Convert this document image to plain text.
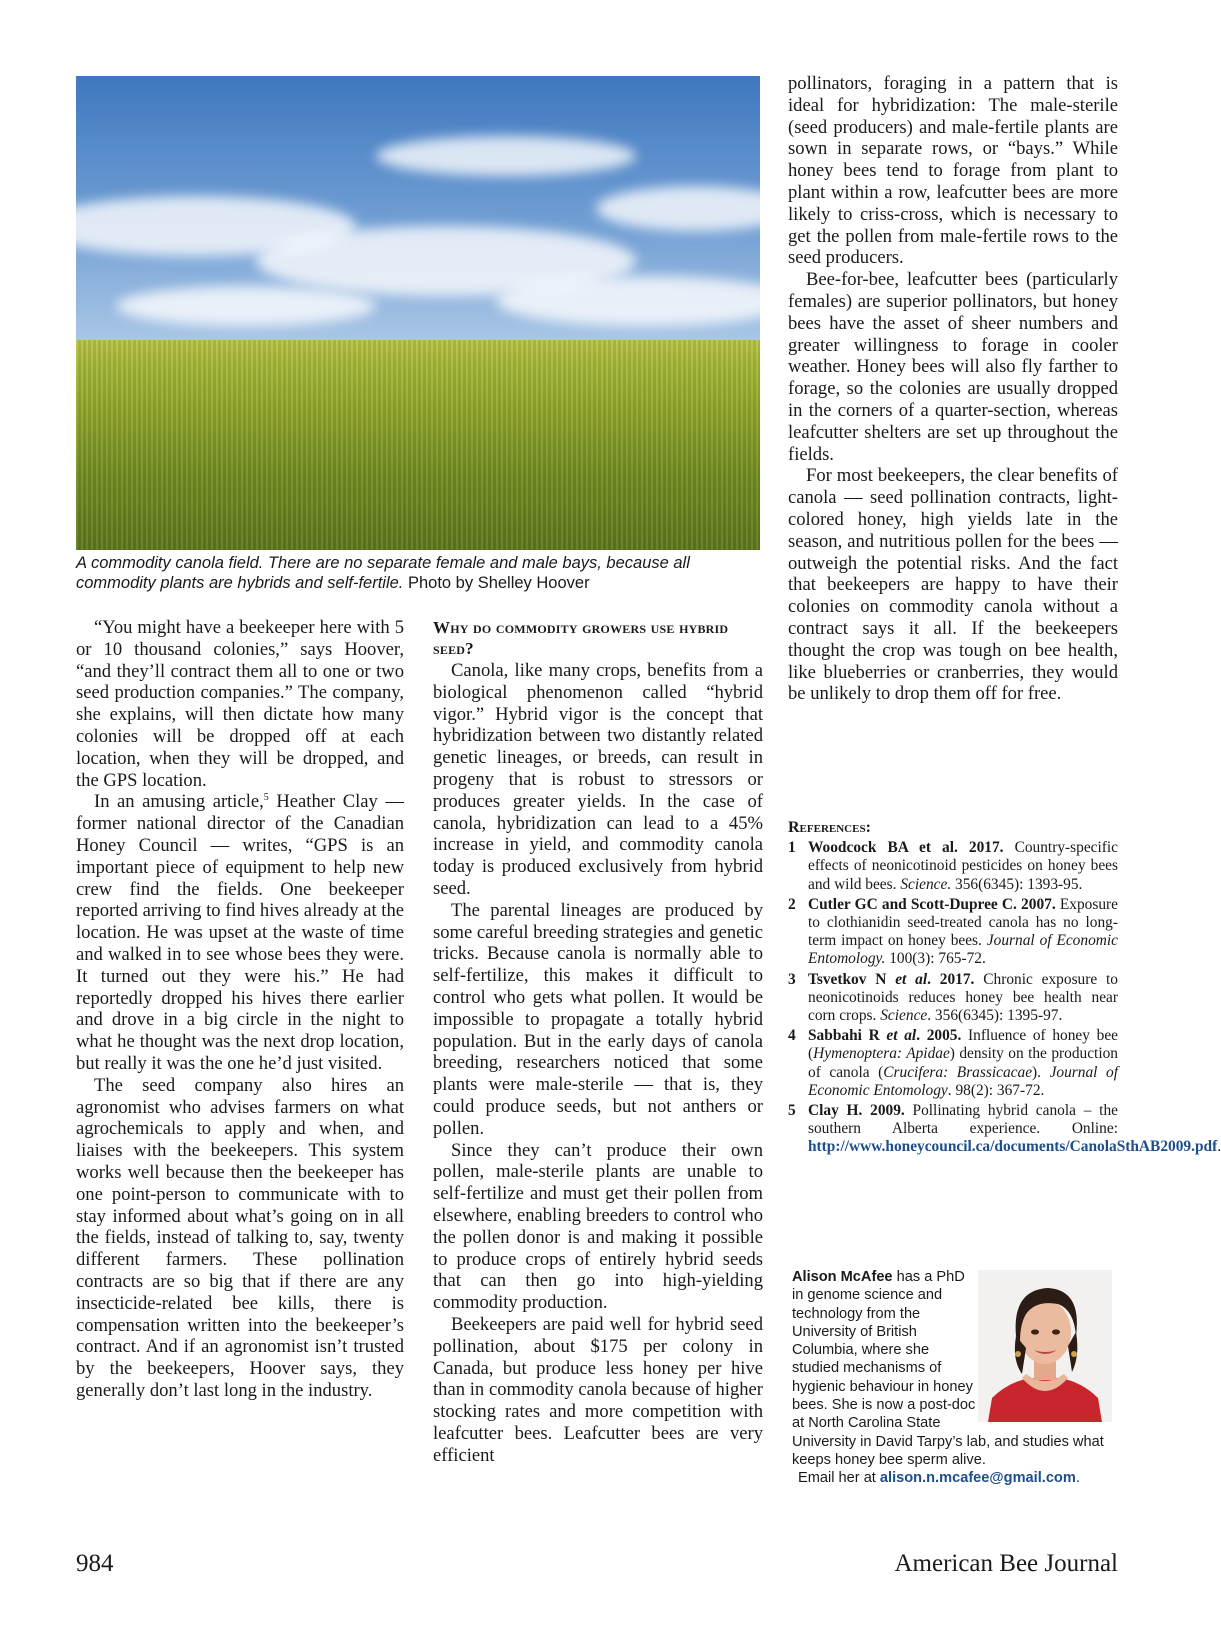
A commodity canola field. There are no separate female and male bays, because all commodity plants are hybrids and self-fertile. Photo by Shelley Hoover

“You might have a beekeeper here with 5 or 10 thousand colonies,” says Hoover, “and they’ll contract them all to one or two seed production companies.” The company, she explains, will then dictate how many colonies will be dropped off at each location, when they will be dropped, and the GPS location.

In an amusing article,$^5$ Heather Clay — former national director of the Canadian Honey Council — writes, “GPS is an important piece of equipment to help new crew find the fields. One beekeeper reported arriving to find hives already at the location. He was upset at the waste of time and walked in to see whose bees they were. It turned out they were his.” He had reportedly dropped his hives there earlier and drove in a big circle in the night to what he thought was the next drop location, but really it was the one he’d just visited.

The seed company also hires an agronomist who advises farmers on what agrochemicals to apply and when, and liaises with the beekeepers. This system works well because then the beekeeper has one point-person to communicate with to stay informed about what’s going on in all the fields, instead of talking to, say, twenty different farmers. These pollination contracts are so big that if there are any insecticide-related bee kills, there is compensation written into the beekeeper’s contract. And if an agronomist isn’t trusted by the beekeepers, Hoover says, they generally don’t last long in the industry.

Why do commodity growers use hybrid seed?

Canola, like many crops, benefits from a biological phenomenon called “hybrid vigor.” Hybrid vigor is the concept that hybridization between two distantly related genetic lineages, or breeds, can result in progeny that is robust to stressors or produces greater yields. In the case of canola, hybridization can lead to a 45% increase in yield, and commodity canola today is produced exclusively from hybrid seed.

The parental lineages are produced by some careful breeding strategies and genetic tricks. Because canola is normally able to self-fertilize, this makes it difficult to control who gets what pollen. It would be impossible to propagate a totally hybrid population. But in the early days of canola breeding, researchers noticed that some plants were male-sterile — that is, they could produce seeds, but not anthers or pollen.

Since they can’t produce their own pollen, male-sterile plants are unable to self-fertilize and must get their pollen from elsewhere, enabling breeders to control who the pollen donor is and making it possible to produce crops of entirely hybrid seeds that can then go into high-yielding commodity production.

Beekeepers are paid well for hybrid seed pollination, about $175 per colony in Canada, but produce less honey per hive than in commodity canola because of higher stocking rates and more competition with leafcutter bees. Leafcutter bees are very efficient

pollinators, foraging in a pattern that is ideal for hybridization: The male-sterile (seed producers) and male-fertile plants are sown in separate rows, or “bays.” While honey bees tend to forage from plant to plant within a row, leafcutter bees are more likely to criss-cross, which is necessary to get the pollen from male-fertile rows to the seed producers.

Bee-for-bee, leafcutter bees (particularly females) are superior pollinators, but honey bees have the asset of sheer numbers and greater willingness to forage in cooler weather. Honey bees will also fly farther to forage, so the colonies are usually dropped in the corners of a quarter-section, whereas leafcutter shelters are set up throughout the fields.

For most beekeepers, the clear benefits of canola — seed pollination contracts, light-colored honey, high yields late in the season, and nutritious pollen for the bees — outweigh the potential risks. And the fact that beekeepers are happy to have their colonies on commodity canola without a contract says it all. If the beekeepers thought the crop was tough on bee health, like blueberries or cranberries, they would be unlikely to drop them off for free.

References:
1 Woodcock BA et al. 2017. Country-specific effects of neonicotinoid pesticides on honey bees and wild bees. Science. 356(6345): 1393-95.
2 Cutler GC and Scott-Dupree C. 2007. Exposure to clothianidin seed-treated canola has no long-term impact on honey bees. Journal of Economic Entomology. 100(3): 765-72.
3 Tsvetkov N et al. 2017. Chronic exposure to neonicotinoids reduces honey bee health near corn crops. Science. 356(6345): 1395-97.
4 Sabbahi R et al. 2005. Influence of honey bee (Hymenoptera: Apidae) density on the production of canola (Crucifera: Brassicacae). Journal of Economic Entomology. 98(2): 367-72.
5 Clay H. 2009. Pollinating hybrid canola – the southern Alberta experience. Online: http://www.honeycouncil.ca/documents/CanolaSthAB2009.pdf.
Alison McAfee has a PhD in genome science and technology from the University of British Columbia, where she studied mechanisms of hygienic behaviour in honey bees. She is now a post-doc at North Carolina State University in David Tarpy’s lab, and studies what keeps honey bee sperm alive.
Email her at alison.n.mcafee@gmail.com.
984	American Bee Journal
